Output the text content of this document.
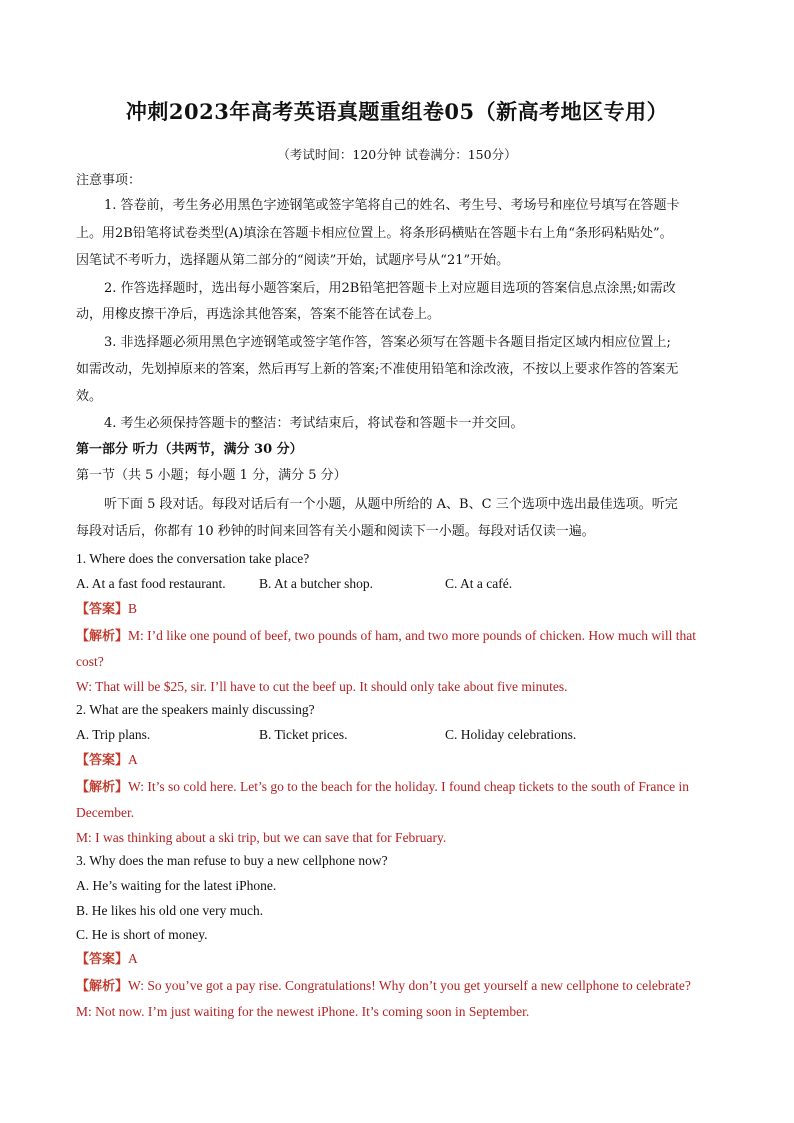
冲刺2023年高考英语真题重组卷05（新高考地区专用）
（考试时间：120分钟 试卷满分：150分）
注意事项：
1. 答卷前，考生务必用黑色字迹钢笔或签字笔将自己的姓名、考生号、考场号和座位号填写在答题卡
上。用2B铅笔将试卷类型(A)填涂在答题卡相应位置上。将条形码横贴在答题卡右上角“条形码粘贴处”。
因笔试不考听力，选择题从第二部分的“阅读”开始，试题序号从“21”开始。
2. 作答选择题时，选出每小题答案后，用2B铅笔把答题卡上对应题目选项的答案信息点涂黑;如需改
动，用橡皮擦干净后，再选涂其他答案，答案不能答在试卷上。
3. 非选择题必须用黑色字迹钢笔或签字笔作答，答案必须写在答题卡各题目指定区域内相应位置上;
如需改动，先划掉原来的答案，然后再写上新的答案;不准使用铅笔和涂改液，不按以上要求作答的答案无
效。
4. 考生必须保持答题卡的整洁：考试结束后，将试卷和答题卡一并交回。
第一部分 听力（共两节，满分 30 分）
第一节（共 5 小题；每小题 1 分，满分 5 分）
听下面 5 段对话。每段对话后有一个小题，从题中所给的 A、B、C 三个选项中选出最佳选项。听完
每段对话后，你都有 10 秒钟的时间来回答有关小题和阅读下一小题。每段对话仅读一遍。
1. Where does the conversation take place?
A. At a fast food restaurant. B. At a butcher shop.	C. At a café.
【答案】B
【解析】M: I’d like one pound of beef, two pounds of ham, and two more pounds of chicken. How much will that
cost?
W: That will be $25, sir. I’ll have to cut the beef up. It should only take about five minutes.
2. What are the speakers mainly discussing?
A. Trip plans.	B. Ticket prices.	C. Holiday celebrations.
【答案】A
【解析】W: It’s so cold here. Let’s go to the beach for the holiday. I found cheap tickets to the south of France in
December.
M: I was thinking about a ski trip, but we can save that for February.
3. Why does the man refuse to buy a new cellphone now?
A. He’s waiting for the latest iPhone.
B. He likes his old one very much.
C. He is short of money.
【答案】A
【解析】W: So you’ve got a pay rise. Congratulations! Why don’t you get yourself a new cellphone to celebrate?
M: Not now. I’m just waiting for the newest iPhone. It’s coming soon in September.
